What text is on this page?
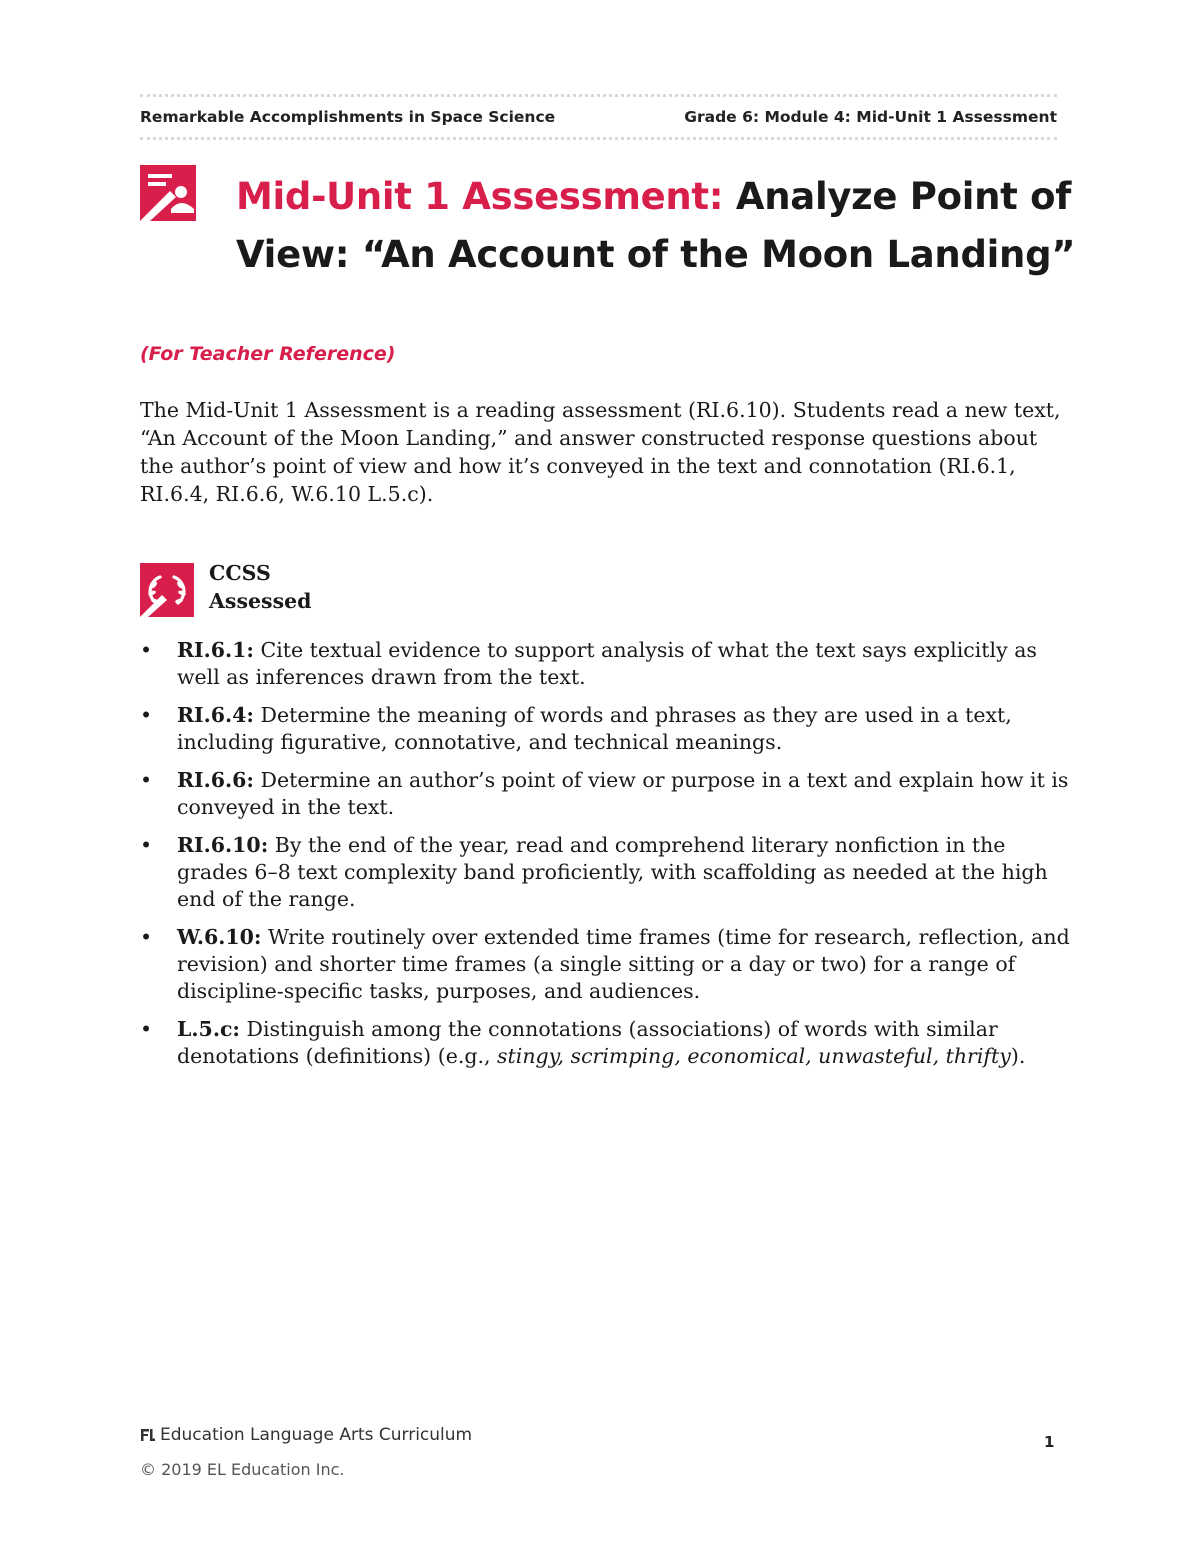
Remarkable Accomplishments in Space Science	Grade 6: Module 4: Mid-Unit 1 Assessment
Mid-Unit 1 Assessment: Analyze Point of View: “An Account of the Moon Landing”
(For Teacher Reference)

The Mid-Unit 1 Assessment is a reading assessment (RI.6.10). Students read a new text, “An Account of the Moon Landing,” and answer constructed response questions about the author’s point of view and how it’s conveyed in the text and connotation (RI.6.1, RI.6.4, RI.6.6, W.6.10 L.5.c).

CCSS
Assessed
• RI.6.1: Cite textual evidence to support analysis of what the text says explicitly as well as inferences drawn from the text.
• RI.6.4: Determine the meaning of words and phrases as they are used in a text, including figurative, connotative, and technical meanings.
• RI.6.6: Determine an author’s point of view or purpose in a text and explain how it is conveyed in the text.
• RI.6.10: By the end of the year, read and comprehend literary nonfiction in the grades 6–8 text complexity band proficiently, with scaffolding as needed at the high end of the range.
• W.6.10: Write routinely over extended time frames (time for research, reflection, and revision) and shorter time frames (a single sitting or a day or two) for a range of discipline-specific tasks, purposes, and audiences.
• L.5.c: Distinguish among the connotations (associations) of words with similar denotations (definitions) (e.g., stingy, scrimping, economical, unwasteful, thrifty).
Education Language Arts Curriculum
© 2019 EL Education Inc.
1
